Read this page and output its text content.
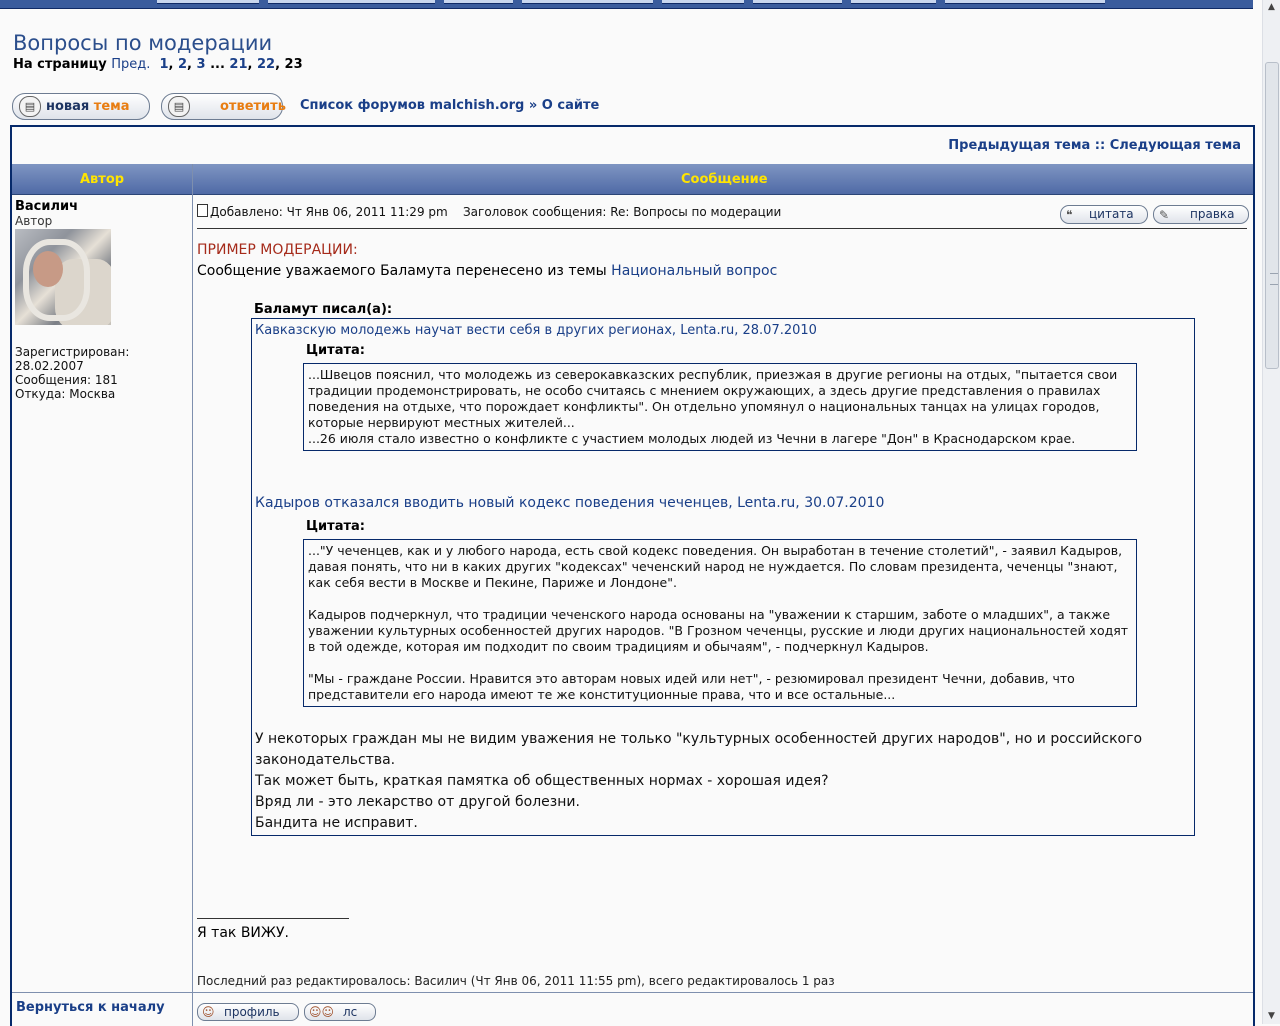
▲
▼
Вопросы по модерации
На страницу Пред. 1, 2, 3 ... 21, 22, 23
▤ новая тема	▤	ответить Список форумов malchish.org » О сайте
Предыдущая тема :: Следующая тема
Автор	Сообщение
Василич
Автор
Зарегистрирован:
28.02.2007
Сообщения: 181
Откуда: Москва
Добавлено: Чт Янв 06, 2011 11:29 pm Заголовок сообщения: Re: Вопросы по модерации	❝ цитата ✎ правка
ПРИМЕР МОДЕРАЦИИ:
Сообщение уважаемого Баламута перенесено из темы Национальный вопрос
Баламут писал(а):
Кавказскую молодежь научат вести себя в других регионах, Lenta.ru, 28.07.2010
Цитата:

...Швецов пояснил, что молодежь из северокавказских республик, приезжая в другие регионы на отдых, "пытается свои традиции продемонстрировать, не особо считаясь с мнением окружающих, а здесь другие представления о правилах поведения на отдыхе, что порождает конфликты". Он отдельно упомянул о национальных танцах на улицах городов, которые нервируют местных жителей...

...26 июля стало известно о конфликте с участием молодых людей из Чечни в лагере "Дон" в Краснодарском крае.

Кадыров отказался вводить новый кодекс поведения чеченцев, Lenta.ru, 30.07.2010
Цитата:

..."У чеченцев, как и у любого народа, есть свой кодекс поведения. Он выработан в течение столетий", - заявил Кадыров, давая понять, что ни в каких других "кодексах" чеченский народ не нуждается. По словам президента, чеченцы "знают, как себя вести в Москве и Пекине, Париже и Лондоне".

Кадыров подчеркнул, что традиции чеченского народа основаны на "уважении к старшим, заботе о младших", а также уважении культурных особенностей других народов. "В Грозном чеченцы, русские и люди других национальностей ходят в той одежде, которая им подходит по своим традициям и обычаям", - подчеркнул Кадыров.

"Мы - граждане России. Нравится это авторам новых идей или нет", - резюмировал президент Чечни, добавив, что представители его народа имеют те же конституционные права, что и все остальные...

У некоторых граждан мы не видим уважения не только "культурных особенностей других народов", но и российского законодательства.
Так может быть, краткая памятка об общественных нормах - хорошая идея?
Вряд ли - это лекарство от другой болезни.
Бандита не исправит.
Я так ВИЖУ.
Последний раз редактировалось: Василич (Чт Янв 06, 2011 11:55 pm), всего редактировалось 1 раз
Вернуться к началу	☺ профиль ☺☺ лс
